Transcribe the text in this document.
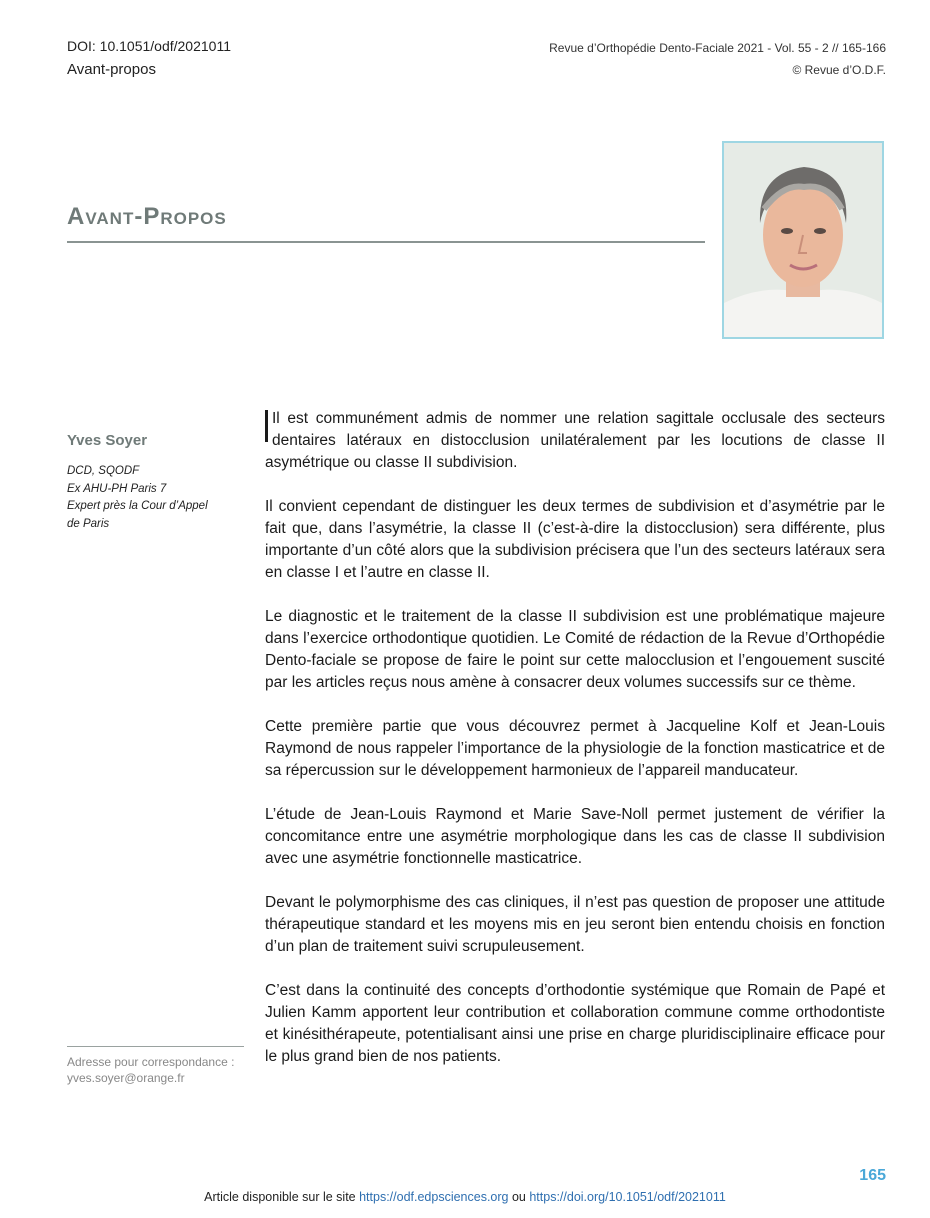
DOI: 10.1051/odf/2021011
Avant-propos
Revue d’Orthopédie Dento-Faciale 2021 - Vol. 55 - 2 // 165-166
© Revue d’O.D.F.
Avant-Propos
Yves Soyer
DCD, SQODF
Ex AHU-PH Paris 7
Expert près la Cour d’Appel
de Paris
Adresse pour correspondance :
yves.soyer@orange.fr

Il est communément admis de nommer une relation sagittale occlusale des secteurs dentaires latéraux en distocclusion unilatéralement par les locutions de classe II asymétrique ou classe II subdivision.

Il convient cependant de distinguer les deux termes de subdivision et d’asymétrie par le fait que, dans l’asymétrie, la classe II (c’est-à-dire la distocclusion) sera différente, plus importante d’un côté alors que la subdivision précisera que l’un des secteurs latéraux sera en classe I et l’autre en classe II.

Le diagnostic et le traitement de la classe II subdivision est une problématique majeure dans l’exercice orthodontique quotidien. Le Comité de rédaction de la Revue d’Orthopédie Dento-faciale se propose de faire le point sur cette malocclusion et l’engouement suscité par les articles reçus nous amène à consacrer deux volumes successifs sur ce thème.

Cette première partie que vous découvrez permet à Jacqueline Kolf et Jean-Louis Raymond de nous rappeler l’importance de la physiologie de la fonction masticatrice et de sa répercussion sur le développement harmonieux de l’appareil manducateur.

L’étude de Jean-Louis Raymond et Marie Save-Noll permet justement de vérifier la concomitance entre une asymétrie morphologique dans les cas de classe II subdivision avec une asymétrie fonctionnelle masticatrice.

Devant le polymorphisme des cas cliniques, il n’est pas question de proposer une attitude thérapeutique standard et les moyens mis en jeu seront bien entendu choisis en fonction d’un plan de traitement suivi scrupuleusement.

C’est dans la continuité des concepts d’orthodontie systémique que Romain de Papé et Julien Kamm apportent leur contribution et collaboration commune comme orthodontiste et kinésithérapeute, potentialisant ainsi une prise en charge pluridisciplinaire efficace pour le plus grand bien de nos patients.

165
Article disponible sur le site https://odf.edpsciences.org ou https://doi.org/10.1051/odf/2021011
